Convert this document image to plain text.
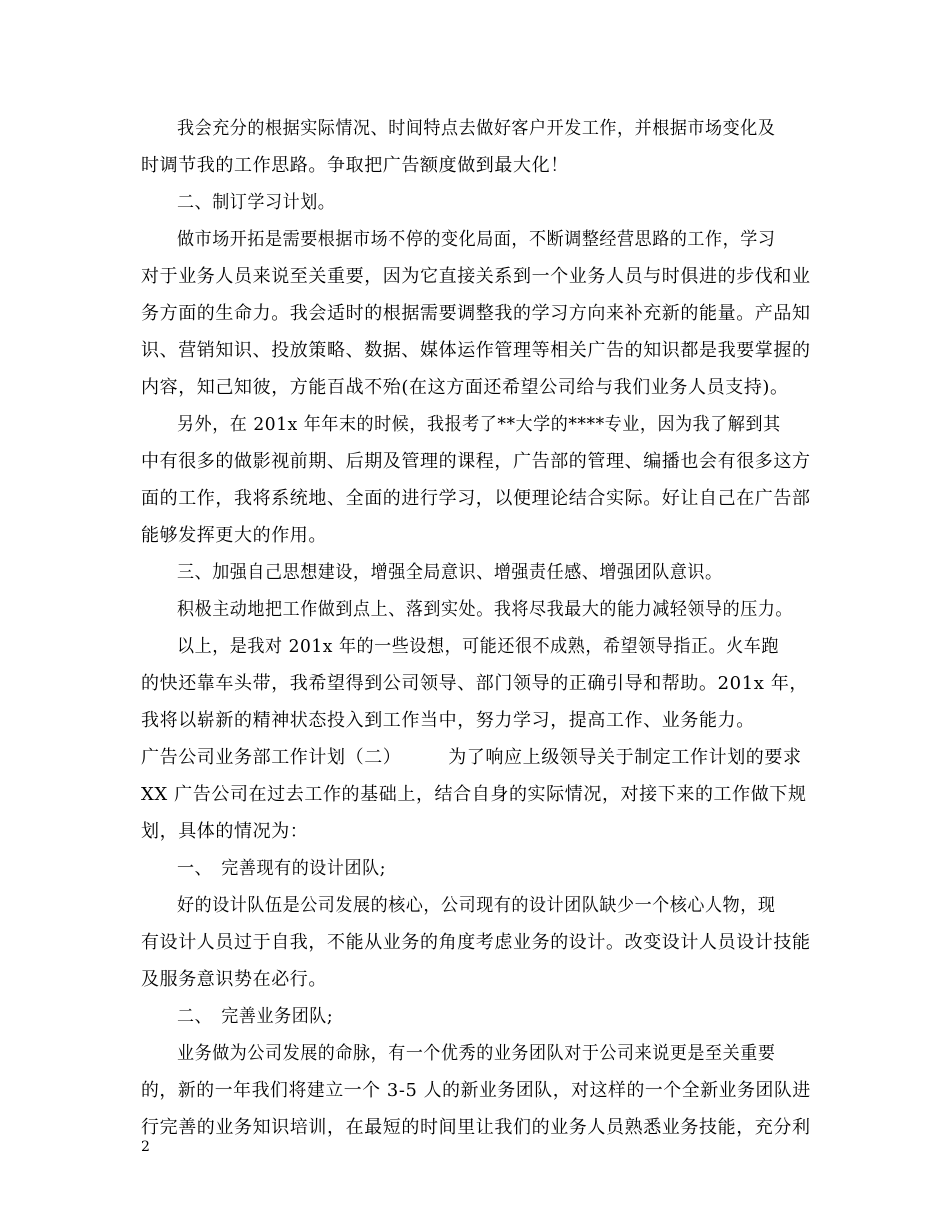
我会充分的根据实际情况、时间特点去做好客户开发工作，并根据市场变化及
时调节我的工作思路。争取把广告额度做到最大化！
二、制订学习计划。
做市场开拓是需要根据市场不停的变化局面，不断调整经营思路的工作，学习
对于业务人员来说至关重要，因为它直接关系到一个业务人员与时俱进的步伐和业
务方面的生命力。我会适时的根据需要调整我的学习方向来补充新的能量。产品知
识、营销知识、投放策略、数据、媒体运作管理等相关广告的知识都是我要掌握的
内容，知己知彼，方能百战不殆(在这方面还希望公司给与我们业务人员支持)。
另外，在 201x 年年末的时候，我报考了**大学的****专业，因为我了解到其
中有很多的做影视前期、后期及管理的课程，广告部的管理、编播也会有很多这方
面的工作，我将系统地、全面的进行学习，以便理论结合实际。好让自己在广告部
能够发挥更大的作用。
三、加强自己思想建设，增强全局意识、增强责任感、增强团队意识。
积极主动地把工作做到点上、落到实处。我将尽我最大的能力减轻领导的压力。
以上，是我对 201x 年的一些设想，可能还很不成熟，希望领导指正。火车跑
的快还靠车头带，我希望得到公司领导、部门领导的正确引导和帮助。201x 年，
我将以崭新的精神状态投入到工作当中，努力学习，提高工作、业务能力。
广告公司业务部工作计划（二）　　　为了响应上级领导关于制定工作计划的要求
XX 广告公司在过去工作的基础上，结合自身的实际情况，对接下来的工作做下规
划，具体的情况为：
一、　完善现有的设计团队;
好的设计队伍是公司发展的核心，公司现有的设计团队缺少一个核心人物，现
有设计人员过于自我，不能从业务的角度考虑业务的设计。改变设计人员设计技能
及服务意识势在必行。
二、　完善业务团队;
业务做为公司发展的命脉，有一个优秀的业务团队对于公司来说更是至关重要
的，新的一年我们将建立一个 3-5 人的新业务团队，对这样的一个全新业务团队进
行完善的业务知识培训，在最短的时间里让我们的业务人员熟悉业务技能，充分利
2
